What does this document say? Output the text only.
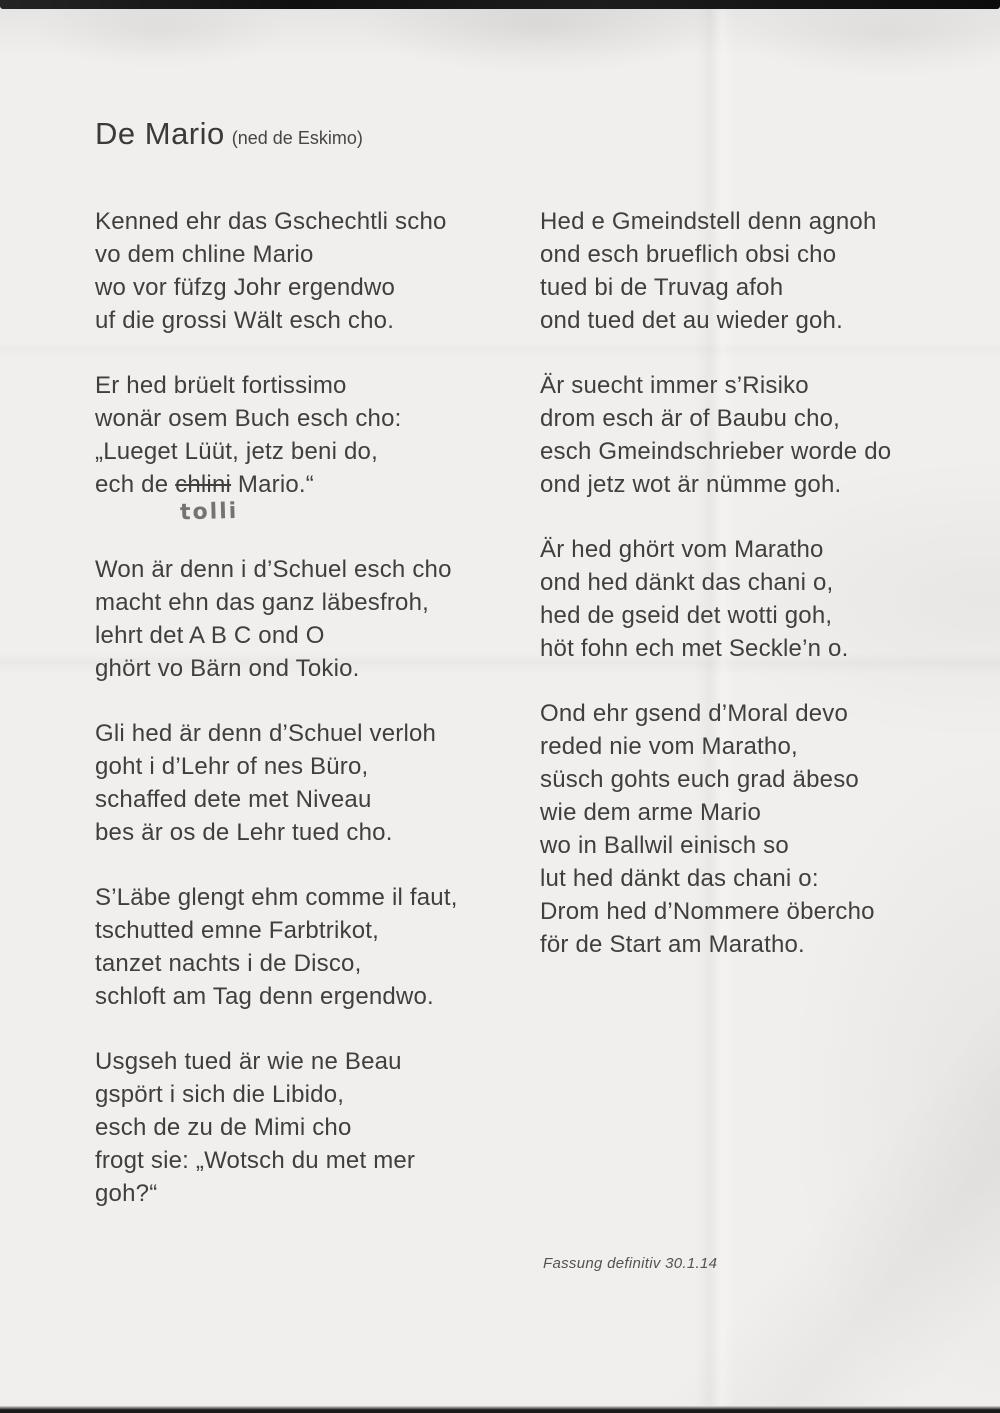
De Mario (ned de Eskimo)
Kenned ehr das Gschechtli scho
vo dem chline Mario
wo vor füfzg Johr ergendwo
uf die grossi Wält esch cho.
Er hed brüelt fortissimo
wonär osem Buch esch cho:
„Lueget Lüüt, jetz beni do,
ech de chlini Mario.“
tolli
Won är denn i d’Schuel esch cho
macht ehn das ganz läbesfroh,
lehrt det A B C ond O
ghört vo Bärn ond Tokio.
Gli hed är denn d’Schuel verloh
goht i d’Lehr of nes Büro,
schaffed dete met Niveau
bes är os de Lehr tued cho.
S’Läbe glengt ehm comme il faut,
tschutted emne Farbtrikot,
tanzet nachts i de Disco,
schloft am Tag denn ergendwo.
Usgseh tued är wie ne Beau
gspört i sich die Libido,
esch de zu de Mimi cho
frogt sie: „Wotsch du met mer
goh?“
Hed e Gmeindstell denn agnoh
ond esch brueflich obsi cho
tued bi de Truvag afoh
ond tued det au wieder goh.
Är suecht immer s’Risiko
drom esch är of Baubu cho,
esch Gmeindschrieber worde do
ond jetz wot är nümme goh.
Är hed ghört vom Maratho
ond hed dänkt das chani o,
hed de gseid det wotti goh,
höt fohn ech met Seckle’n o.
Ond ehr gsend d’Moral devo
reded nie vom Maratho,
süsch gohts euch grad äbeso
wie dem arme Mario
wo in Ballwil einisch so
lut hed dänkt das chani o:
Drom hed d’Nommere öbercho
för de Start am Maratho.
Fassung definitiv 30.1.14
